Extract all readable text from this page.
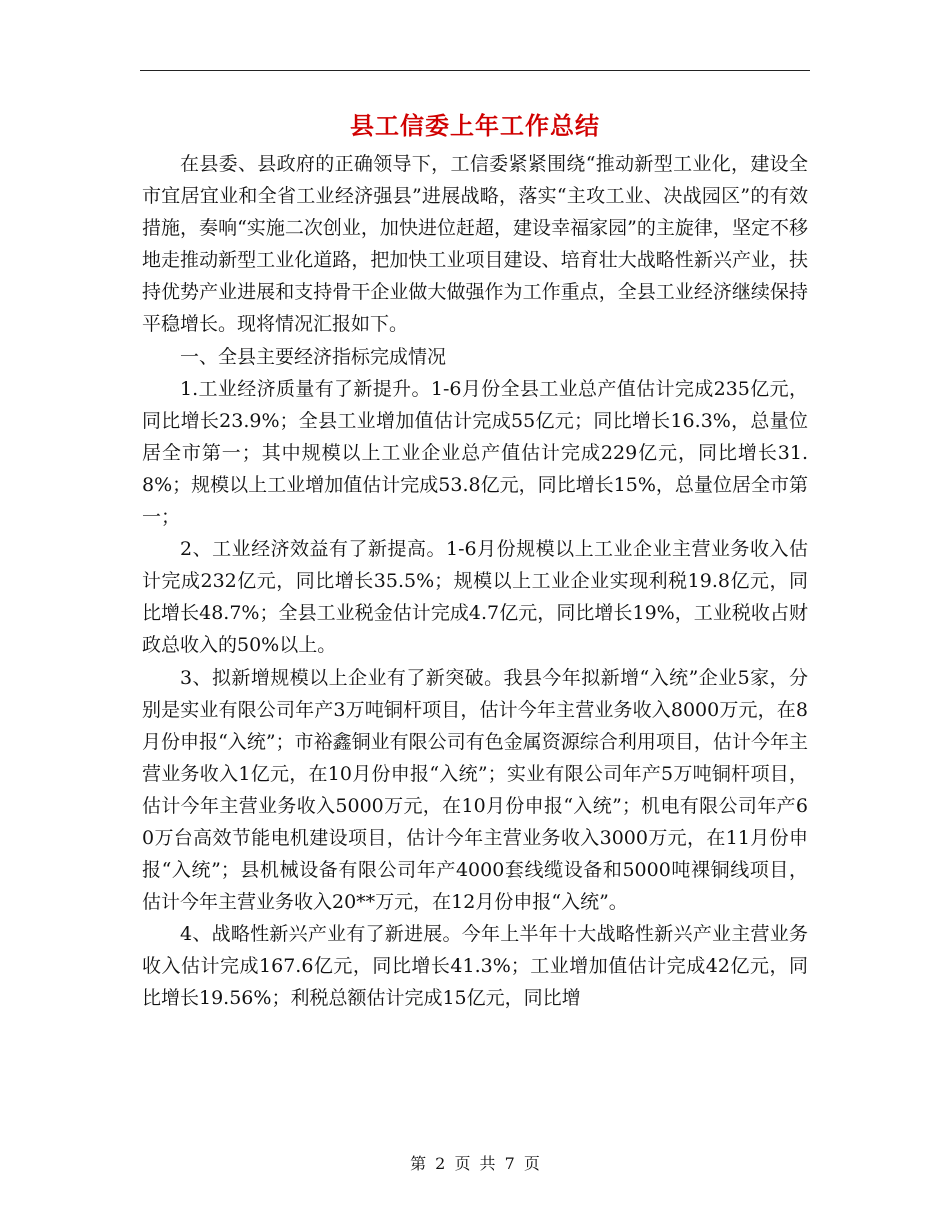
县工信委上年工作总结

在县委、县政府的正确领导下，工信委紧紧围绕“推动新型工业化，建设全市宜居宜业和全省工业经济强县”进展战略，落实“主攻工业、决战园区”的有效措施，奏响“实施二次创业，加快进位赶超，建设幸福家园”的主旋律，坚定不移地走推动新型工业化道路，把加快工业项目建设、培育壮大战略性新兴产业，扶持优势产业进展和支持骨干企业做大做强作为工作重点，全县工业经济继续保持平稳增长。现将情况汇报如下。

一、全县主要经济指标完成情况

1.工业经济质量有了新提升。1-6月份全县工业总产值估计完成235亿元，同比增长23.9%；全县工业增加值估计完成55亿元；同比增长16.3%，总量位居全市第一；其中规模以上工业企业总产值估计完成229亿元，同比增长31.8%；规模以上工业增加值估计完成53.8亿元，同比增长15%，总量位居全市第一；

2、工业经济效益有了新提高。1-6月份规模以上工业企业主营业务收入估计完成232亿元，同比增长35.5%；规模以上工业企业实现利税19.8亿元，同比增长48.7%；全县工业税金估计完成4.7亿元，同比增长19%，工业税收占财政总收入的50%以上。

3、拟新增规模以上企业有了新突破。我县今年拟新增“入统”企业5家，分别是实业有限公司年产3万吨铜杆项目，估计今年主营业务收入8000万元，在8月份申报“入统”；市裕鑫铜业有限公司有色金属资源综合利用项目，估计今年主营业务收入1亿元，在10月份申报“入统”；实业有限公司年产5万吨铜杆项目，估计今年主营业务收入5000万元，在10月份申报“入统”；机电有限公司年产60万台高效节能电机建设项目，估计今年主营业务收入3000万元，在11月份申报“入统”；县机械设备有限公司年产4000套线缆设备和5000吨裸铜线项目，估计今年主营业务收入20**万元，在12月份申报“入统”。

4、战略性新兴产业有了新进展。今年上半年十大战略性新兴产业主营业务收入估计完成167.6亿元，同比增长41.3%；工业增加值估计完成42亿元，同比增长19.56%；利税总额估计完成15亿元，同比增

第 2 页 共 7 页
